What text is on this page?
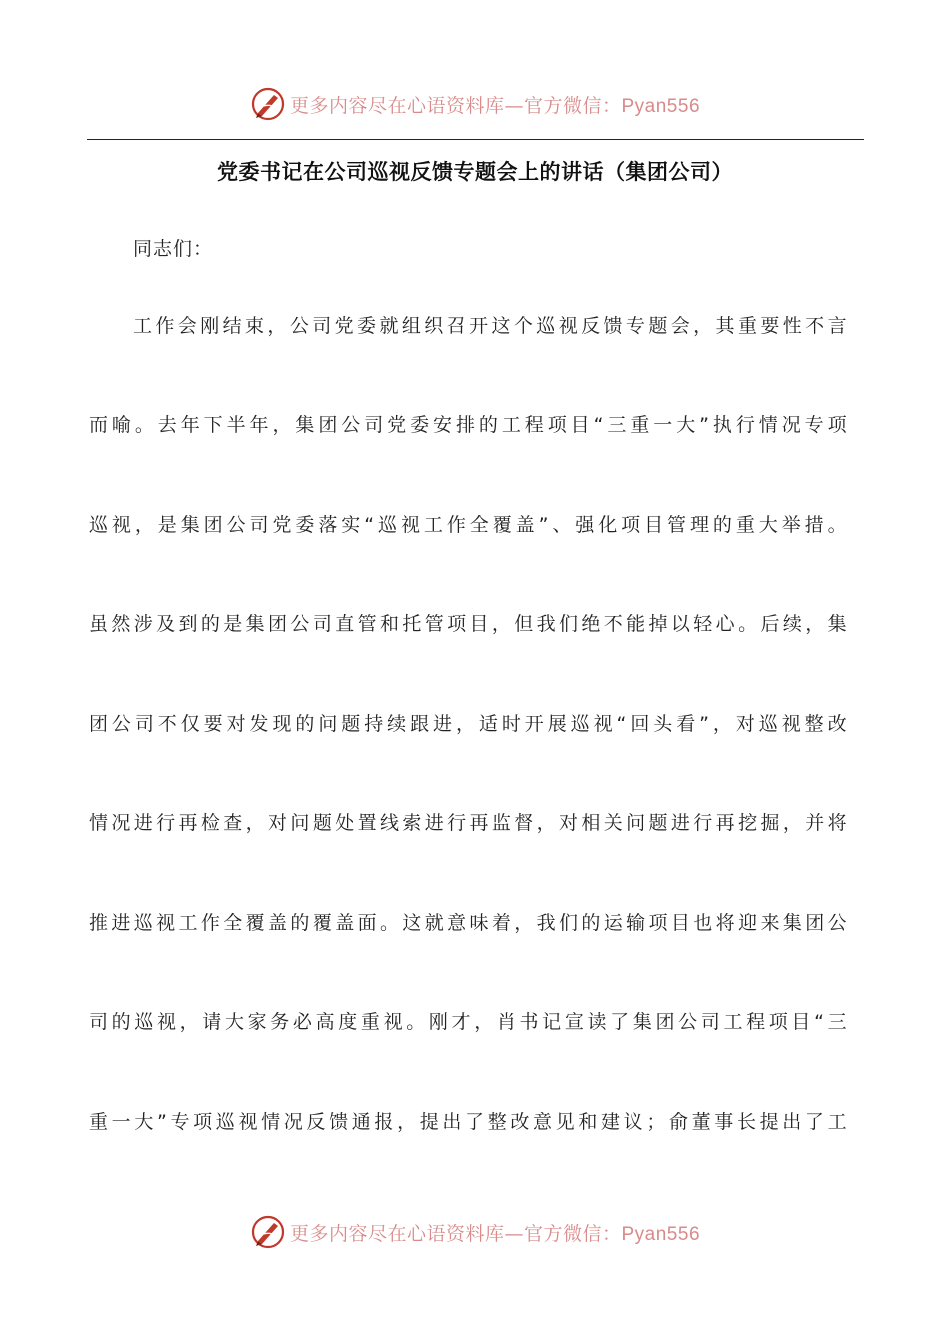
更多内容尽在心语资料库—官方微信：Pyan556
党委书记在公司巡视反馈专题会上的讲话（集团公司）
同志们：
工作会刚结束，公司党委就组织召开这个巡视反馈专题会，其重要性不言
而喻。去年下半年，集团公司党委安排的工程项目“三重一大”执行情况专项
巡视，是集团公司党委落实“巡视工作全覆盖”、强化项目管理的重大举措。
虽然涉及到的是集团公司直管和托管项目，但我们绝不能掉以轻心。后续，集
团公司不仅要对发现的问题持续跟进，适时开展巡视“回头看”，对巡视整改
情况进行再检查，对问题处置线索进行再监督，对相关问题进行再挖掘，并将
推进巡视工作全覆盖的覆盖面。这就意味着，我们的运输项目也将迎来集团公
司的巡视，请大家务必高度重视。刚才，肖书记宣读了集团公司工程项目“三
重一大”专项巡视情况反馈通报，提出了整改意见和建议；俞董事长提出了工
更多内容尽在心语资料库—官方微信：Pyan556
